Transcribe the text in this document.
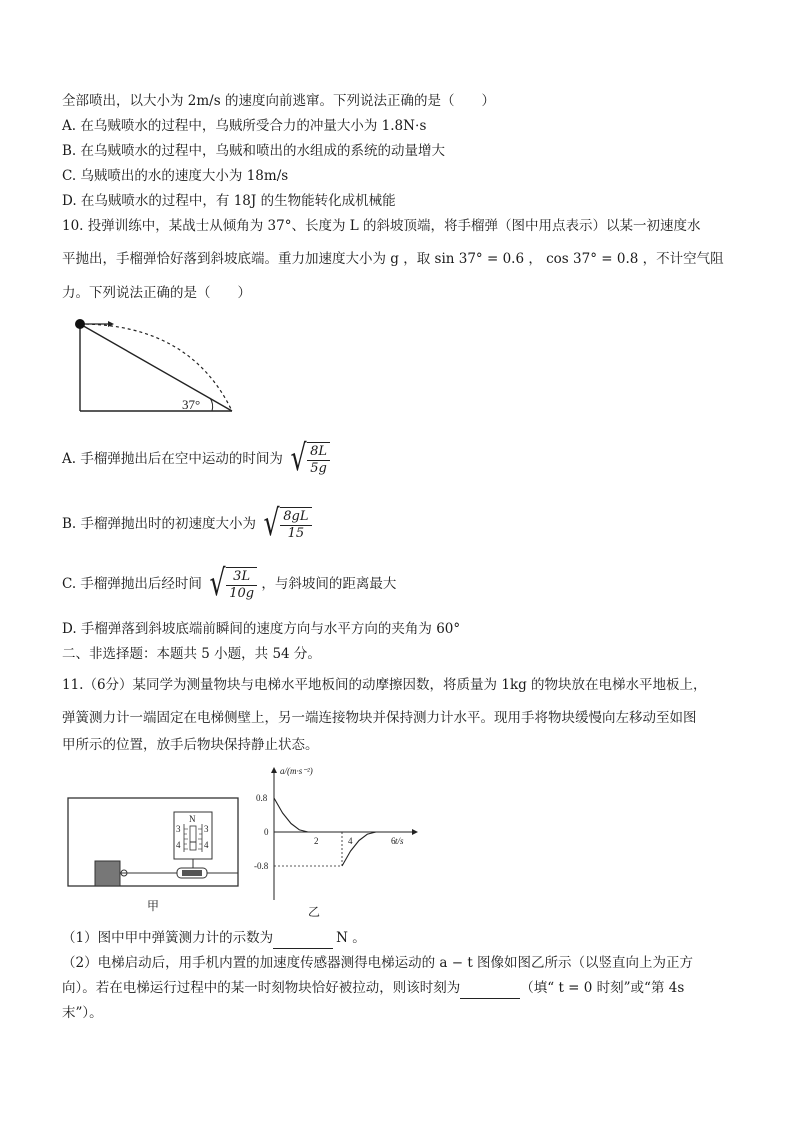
全部喷出，以大小为 2m/s 的速度向前逃窜。下列说法正确的是（　　）
A. 在乌贼喷水的过程中，乌贼所受合力的冲量大小为 1.8N⋅s
B. 在乌贼喷水的过程中，乌贼和喷出的水组成的系统的动量增大
C. 乌贼喷出的水的速度大小为 18m/s
D. 在乌贼喷水的过程中，有 18J 的生物能转化成机械能
10. 投弹训练中，某战士从倾角为 37°、长度为 L 的斜坡顶端，将手榴弹（图中用点表示）以某一初速度水
平抛出，手榴弹恰好落到斜坡底端。重力加速度大小为 g ，取 sin 37° = 0.6 ， cos 37° = 0.8 ，不计空气阻
力。下列说法正确的是（　　）
37°
A. 手榴弹抛出后在空中运动的时间为 √ $\frac{8L}{5g}$
B. 手榴弹抛出时的初速度大小为 √ $\frac{8gL}{15}$
C. 手榴弹抛出后经时间 √ $\frac{3L}{10g}$ ，与斜坡间的距离最大
D. 手榴弹落到斜坡底端前瞬间的速度方向与水平方向的夹角为 60°
二、非选择题：本题共 5 小题，共 54 分。
11.（6分）某同学为测量物块与电梯水平地板间的动摩擦因数，将质量为 1kg 的物块放在电梯水平地板上，
弹簧测力计一端固定在电梯侧壁上，另一端连接物块并保持测力计水平。现用手将物块缓慢向左移动至如图
甲所示的位置，放手后物块保持静止状态。
N
3	3
4	4
甲
a/(m·s⁻²)
t/s
0.8
0
-0.8
2	4	6
乙
（1）图中甲中弹簧测力计的示数为	N 。
（2）电梯启动后，用手机内置的加速度传感器测得电梯运动的 a − t 图像如图乙所示（以竖直向上为正方
向）。若在电梯运行过程中的某一时刻物块恰好被拉动，则该时刻为	（填“ t = 0 时刻”或“第 4s
末”）。
